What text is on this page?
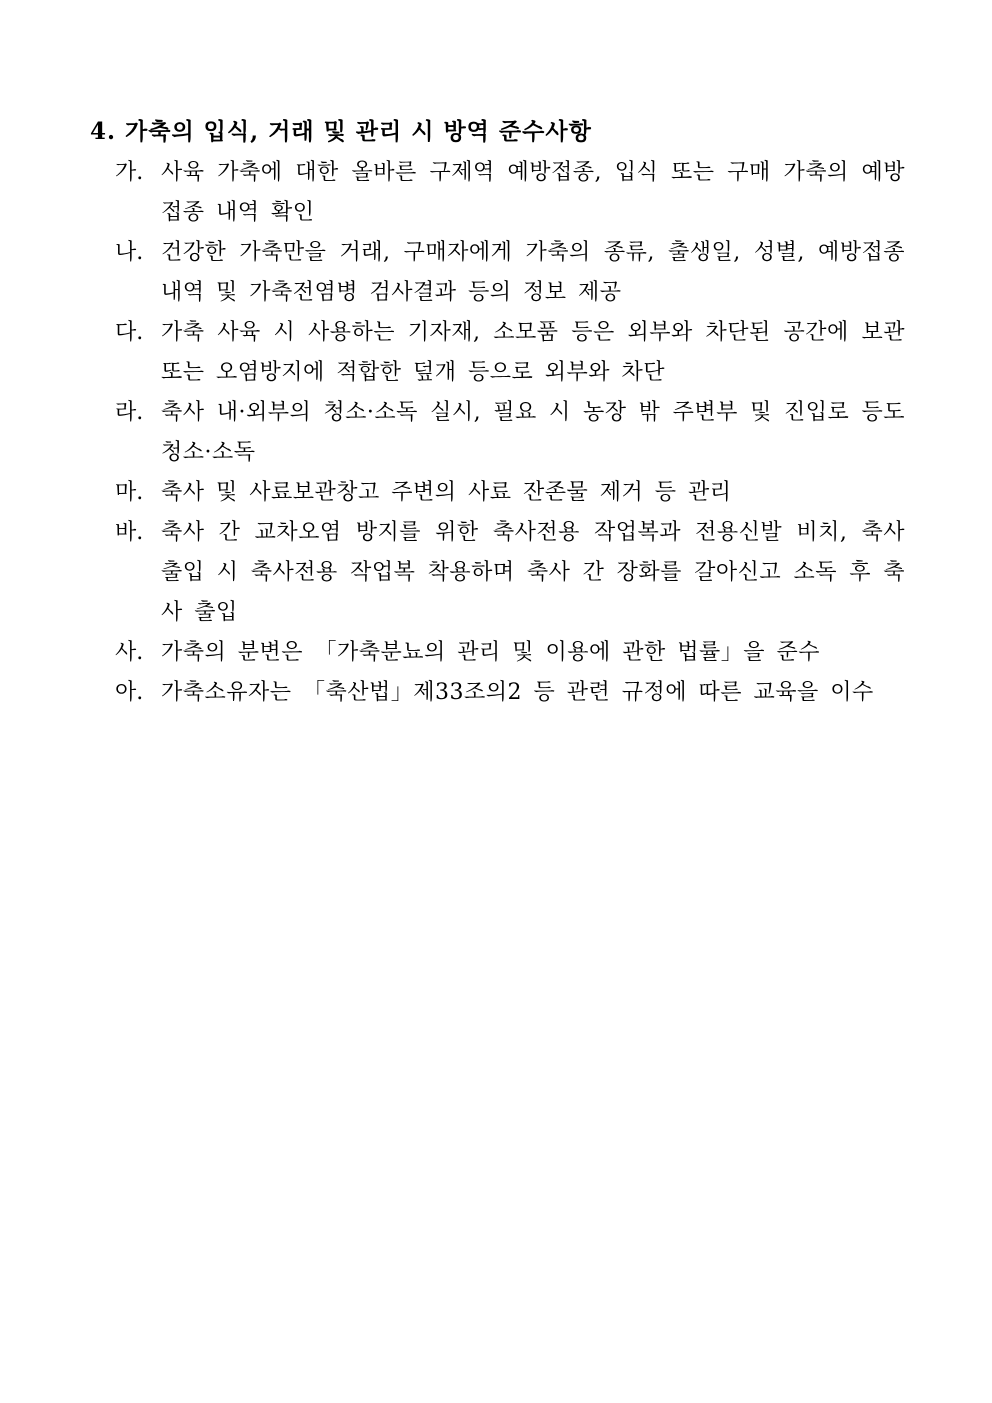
4. 가축의 입식, 거래 및 관리 시 방역 준수사항
가. 사육 가축에 대한 올바른 구제역 예방접종, 입식 또는 구매 가축의 예방접종 내역 확인
나. 건강한 가축만을 거래, 구매자에게 가축의 종류, 출생일, 성별, 예방접종 내역 및 가축전염병 검사결과 등의 정보 제공
다. 가축 사육 시 사용하는 기자재, 소모품 등은 외부와 차단된 공간에 보관 또는 오염방지에 적합한 덮개 등으로 외부와 차단
라. 축사 내·외부의 청소·소독 실시, 필요 시 농장 밖 주변부 및 진입로 등도 청소·소독
마. 축사 및 사료보관창고 주변의 사료 잔존물 제거 등 관리
바. 축사 간 교차오염 방지를 위한 축사전용 작업복과 전용신발 비치, 축사 출입 시 축사전용 작업복 착용하며 축사 간 장화를 갈아신고 소독 후 축사 출입
사. 가축의 분변은 「가축분뇨의 관리 및 이용에 관한 법률」을 준수
아. 가축소유자는 「축산법」제33조의2 등 관련 규정에 따른 교육을 이수
